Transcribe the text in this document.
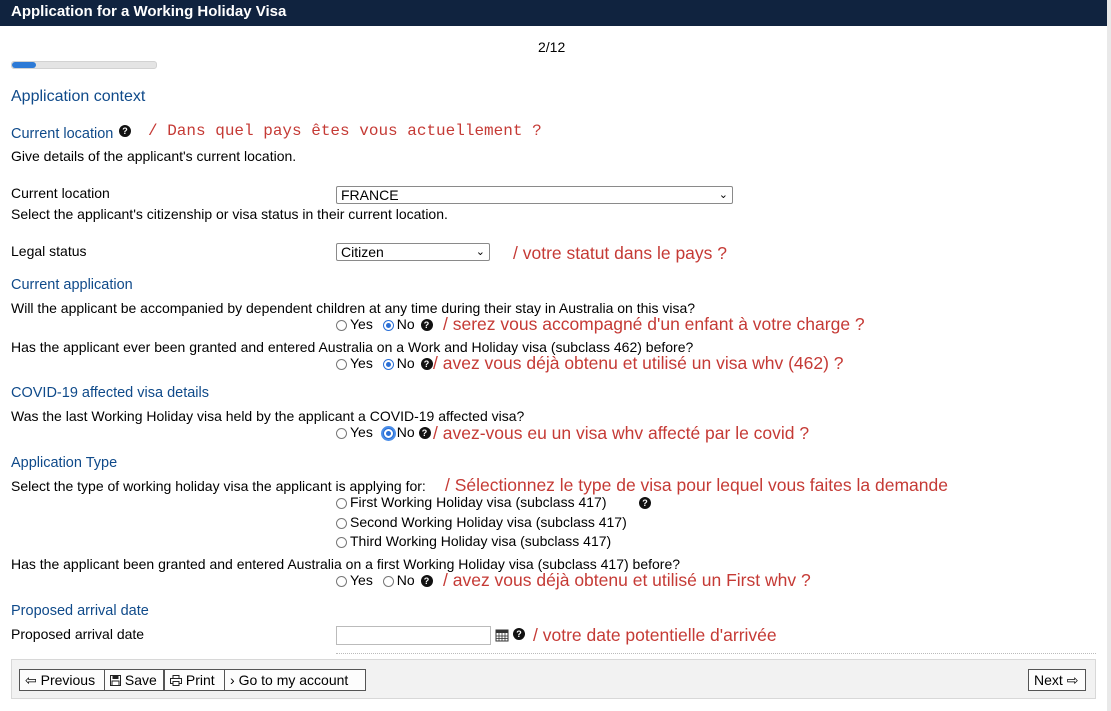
Application for a Working Holiday Visa
2/12
Application context
Current location ? / Dans quel pays êtes vous actuellement ?
Give details of the applicant's current location.
Current location	FRANCE	⌄
Select the applicant's citizenship or visa status in their current location.
Legal status	Citizen	⌄ / votre statut dans le pays ?
Current application
Will the applicant be accompanied by dependent children at any time during their stay in Australia on this visa?
Yes No ? / serez vous accompagné d'un enfant à votre charge ?
Has the applicant ever been granted and entered Australia on a Work and Holiday visa (subclass 462) before?
Yes No ? / avez vous déjà obtenu et utilisé un visa whv (462) ?
COVID-19 affected visa details
Was the last Working Holiday visa held by the applicant a COVID-19 affected visa?
Yes No ? / avez-vous eu un visa whv affecté par le covid ?
Application Type
Select the type of working holiday visa the applicant is applying for: / Sélectionnez le type de visa pour lequel vous faites la demande
First Working Holiday visa (subclass 417)	?
Second Working Holiday visa (subclass 417)
Third Working Holiday visa (subclass 417)
Has the applicant been granted and entered Australia on a first Working Holiday visa (subclass 417) before?
Yes No ? / avez vous déjà obtenu et utilisé un First whv ?
Proposed arrival date
Proposed arrival date	? / votre date potentielle d'arrivée
⇦ Previous	Save	Print	› Go to my account	Next ⇨
